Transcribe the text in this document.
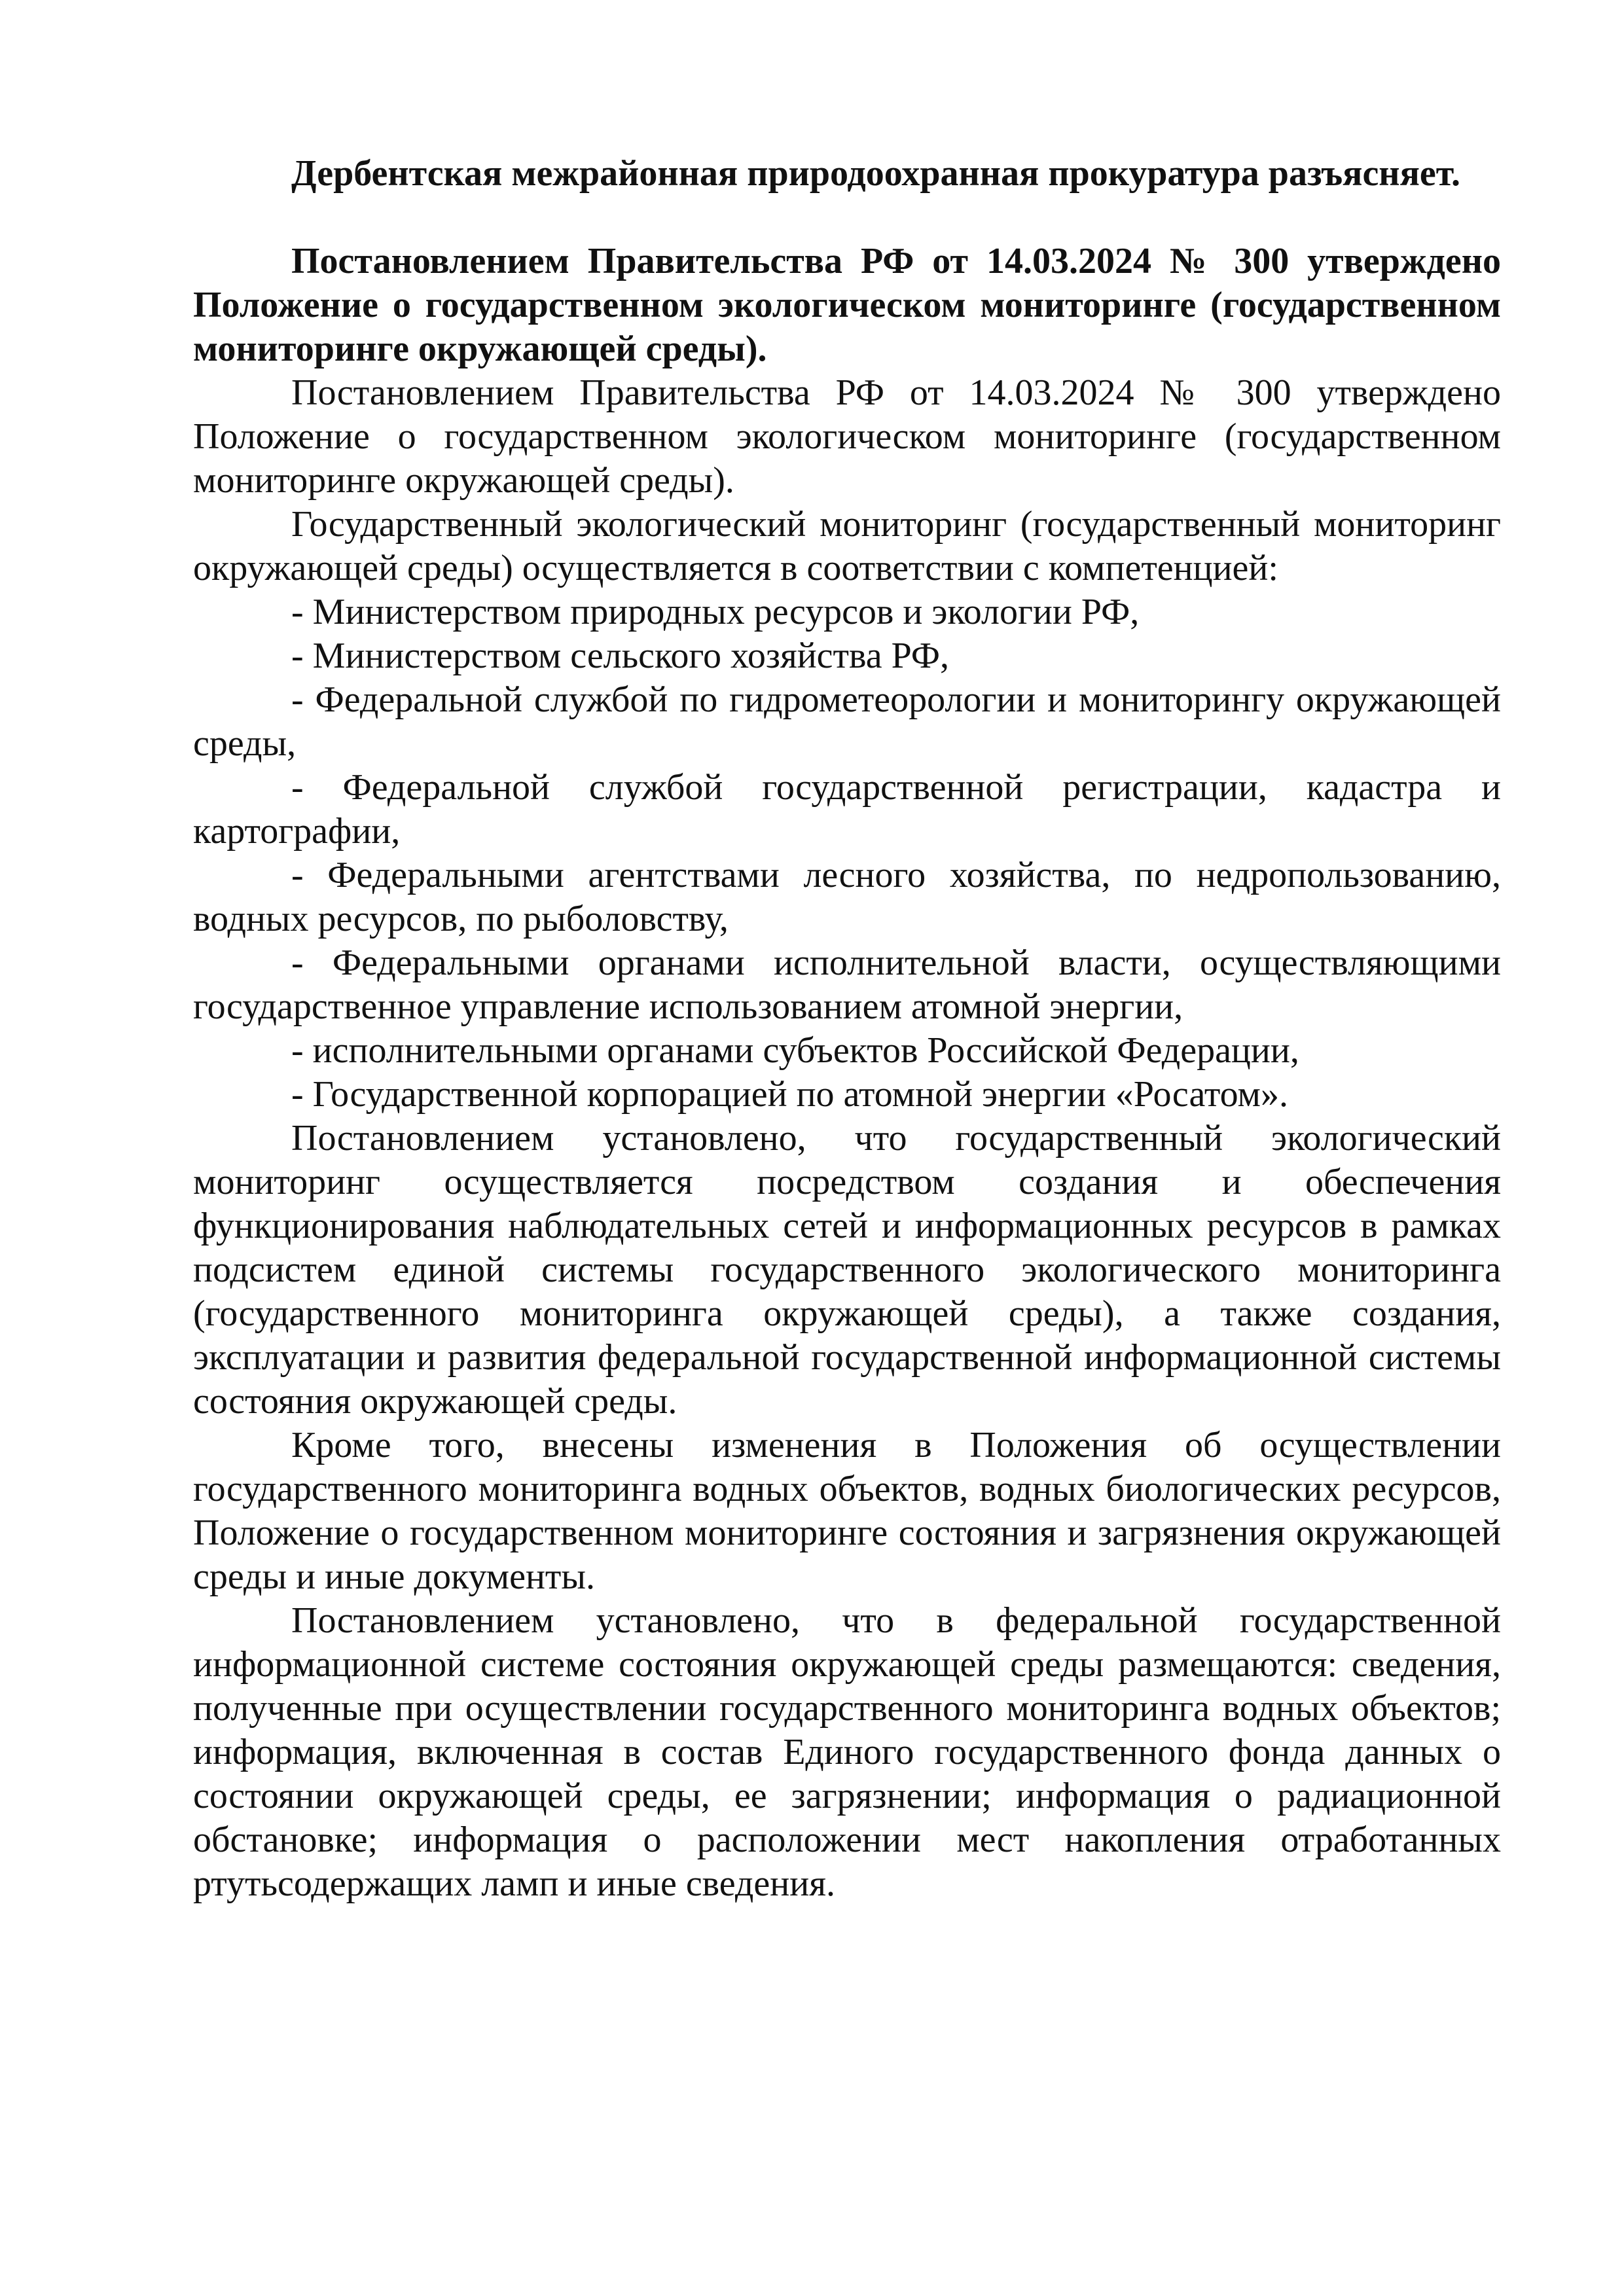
Дербентская межрайонная природоохранная прокуратура разъясняет.

Постановлением Правительства РФ от 14.03.2024 № 300 утверждено Положение о государственном экологическом мониторинге (государственном мониторинге окружающей среды).

Постановлением Правительства РФ от 14.03.2024 № 300 утверждено Положение о государственном экологическом мониторинге (государственном мониторинге окружающей среды).

Государственный экологический мониторинг (государственный мониторинг окружающей среды) осуществляется в соответствии с компетенцией:

- Министерством природных ресурсов и экологии РФ,

- Министерством сельского хозяйства РФ,

- Федеральной службой по гидрометеорологии и мониторингу окружающей среды,

- Федеральной службой государственной регистрации, кадастра и картографии,

- Федеральными агентствами лесного хозяйства, по недропользованию, водных ресурсов, по рыболовству,

- Федеральными органами исполнительной власти, осуществляющими государственное управление использованием атомной энергии,

- исполнительными органами субъектов Российской Федерации,

- Государственной корпорацией по атомной энергии «Росатом».

Постановлением установлено, что государственный экологический мониторинг осуществляется посредством создания и обеспечения функционирования наблюдательных сетей и информационных ресурсов в рамках подсистем единой системы государственного экологического мониторинга (государственного мониторинга окружающей среды), а также создания, эксплуатации и развития федеральной государственной информационной системы состояния окружающей среды.

Кроме того, внесены изменения в Положения об осуществлении государственного мониторинга водных объектов, водных биологических ресурсов, Положение о государственном мониторинге состояния и загрязнения окружающей среды и иные документы.

Постановлением установлено, что в федеральной государственной информационной системе состояния окружающей среды размещаются: сведения, полученные при осуществлении государственного мониторинга водных объектов; информация, включенная в состав Единого государственного фонда данных о состоянии окружающей среды, ее загрязнении; информация о радиационной обстановке; информация о расположении мест накопления отработанных ртутьсодержащих ламп и иные сведения.
